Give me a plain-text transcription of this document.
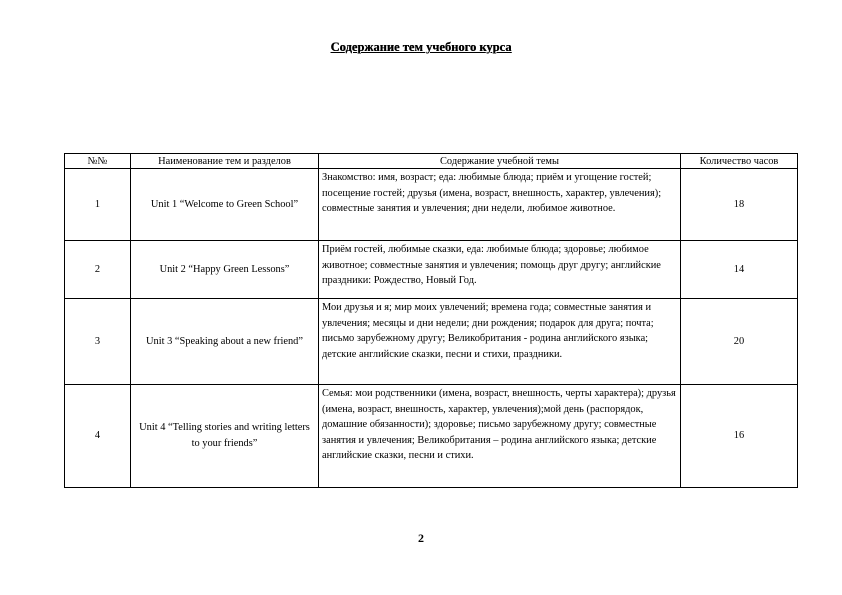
Содержание тем учебного курса
№№	Наименование тем и разделов	Содержание учебной темы	Количество часов
1	Unit 1 “Welcome to Green School”	Знакомство: имя, возраст; еда: любимые блюда; приём и угощение гостей; посещение гостей; друзья (имена, возраст, внешность, характер, увлечения); совместные занятия и увлечения; дни недели, любимое животное.	18
2	Unit 2 “Happy Green Lessons”	Приём гостей, любимые сказки, еда: любимые блюда; здоровье; любимое животное; совместные занятия и увлечения; помощь друг другу; английские праздники: Рождество, Новый Год.	14
3	Unit 3 “Speaking about a new friend”	Мои друзья и я; мир моих увлечений; времена года; совместные занятия и увлечения; месяцы и дни недели; дни рождения; подарок для друга; почта; письмо зарубежному другу; Великобритания - родина английского языка; детские английские сказки, песни и стихи, праздники.	20
4	Unit 4 “Telling stories and writing letters to your friends”	Семья: мои родственники (имена, возраст, внешность, черты характера); друзья (имена, возраст, внешность, характер, увлечения);мой день (распорядок, домашние обязанности); здоровье; письмо зарубежному другу; совместные занятия и увлечения; Великобритания – родина английского языка; детские английские сказки, песни и стихи.	16
2
